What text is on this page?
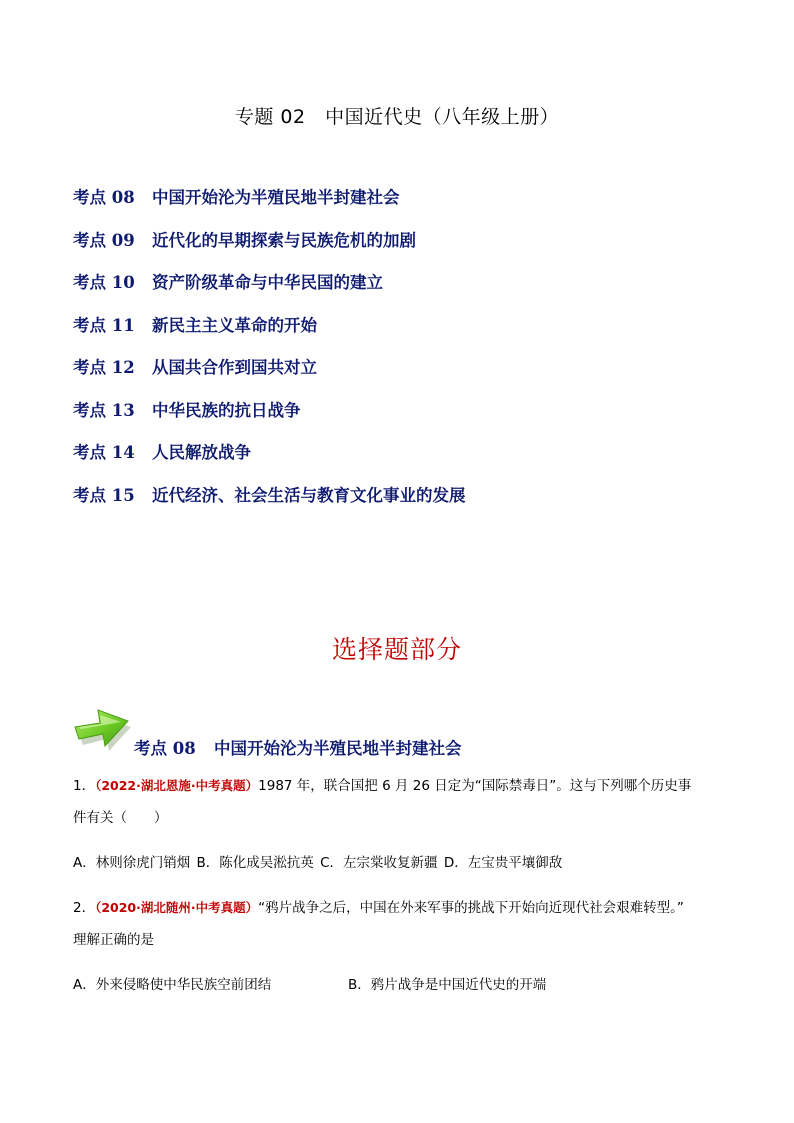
专题 02　中国近代史（八年级上册）
考点 08 中国开始沦为半殖民地半封建社会
考点 09 近代化的早期探索与民族危机的加剧
考点 10 资产阶级革命与中华民国的建立
考点 11 新民主主义革命的开始
考点 12 从国共合作到国共对立
考点 13 中华民族的抗日战争
考点 14 人民解放战争
考点 15 近代经济、社会生活与教育文化事业的发展
选择题部分
考点 08 中国开始沦为半殖民地半封建社会
1．（2022·湖北恩施·中考真题）1987 年，联合国把 6 月 26 日定为“国际禁毒日”。这与下列哪个历史事
件有关（　　）
A．林则徐虎门销烟 B．陈化成吴淞抗英 C．左宗棠收复新疆 D．左宝贵平壤御敌
2．（2020·湖北随州·中考真题）“鸦片战争之后，中国在外来军事的挑战下开始向近现代社会艰难转型。”
理解正确的是
A．外来侵略使中华民族空前团结	B．鸦片战争是中国近代史的开端
